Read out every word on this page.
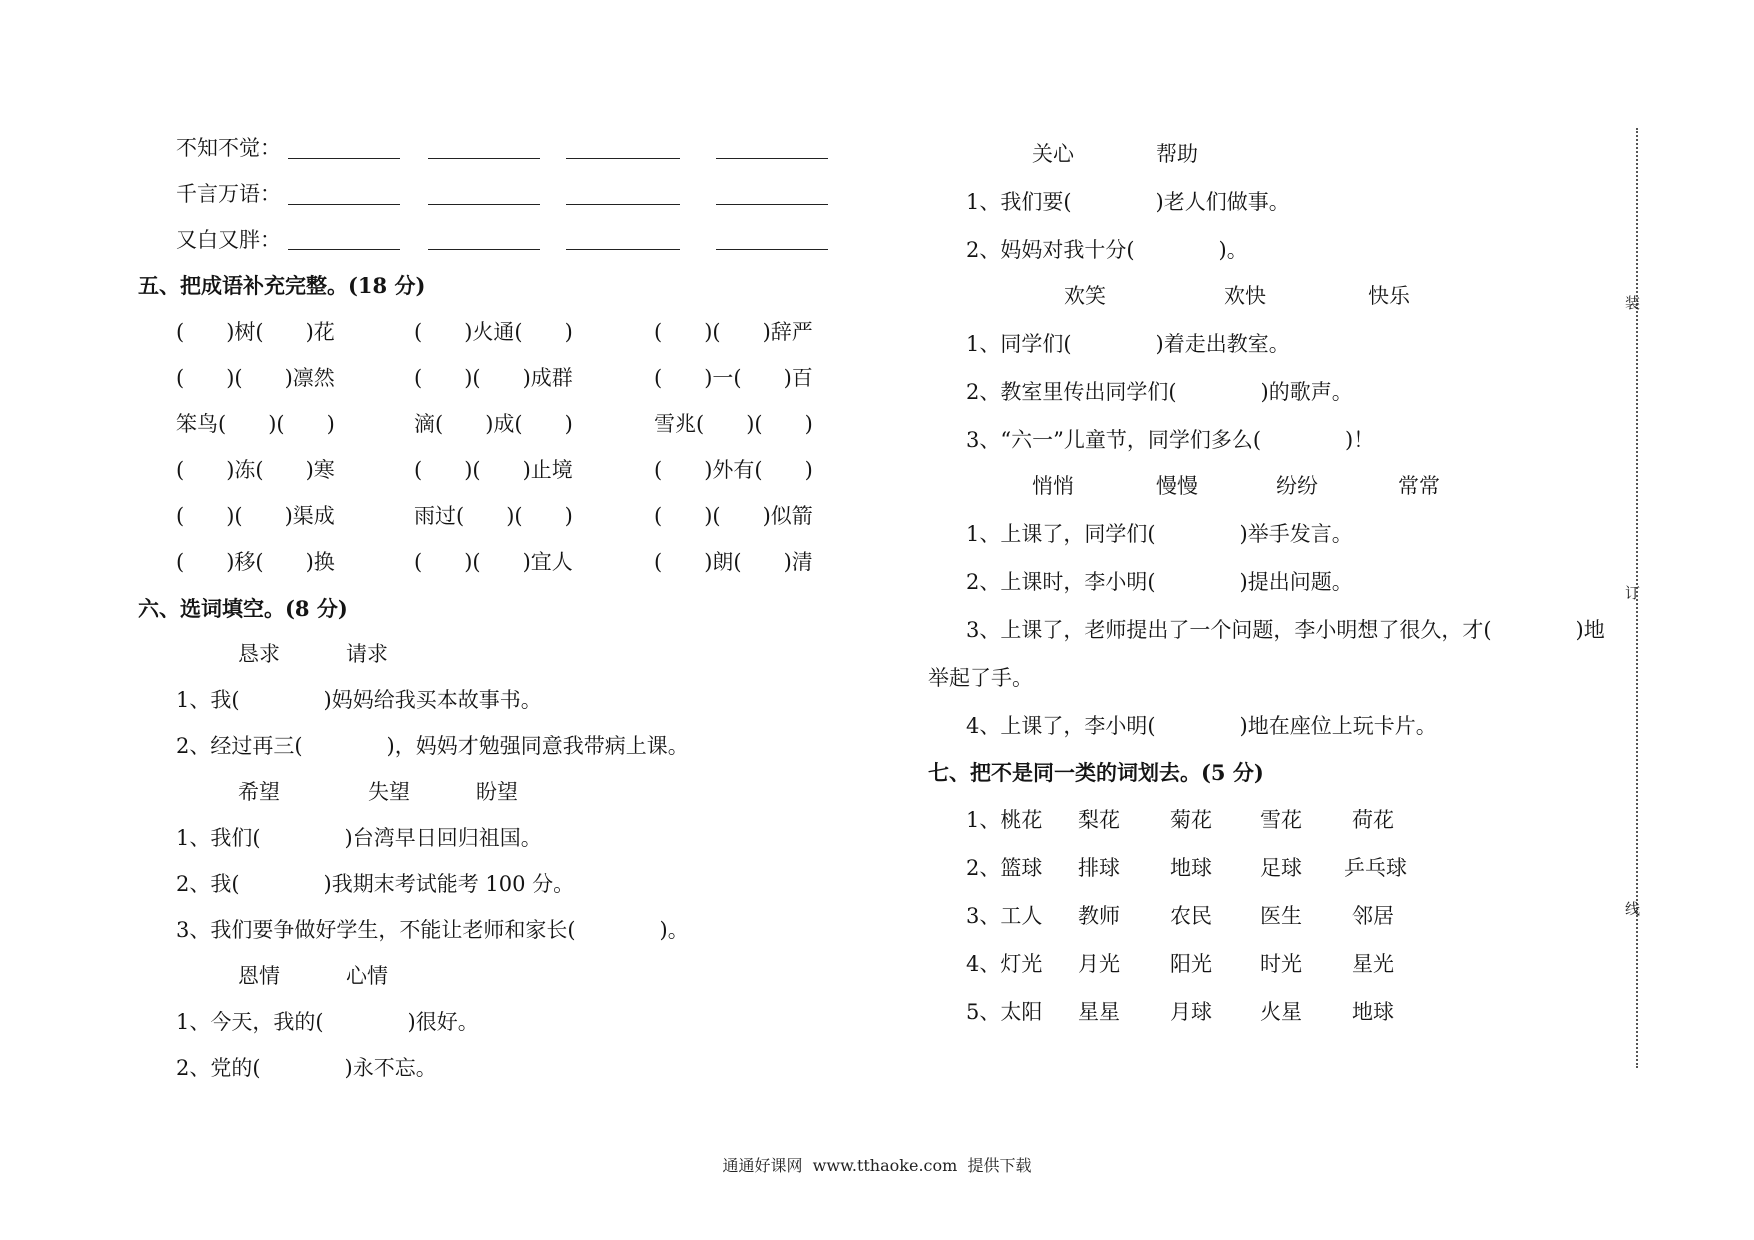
不知不觉：
千言万语：
又白又胖：
五、把成语补充完整。(18 分)
(　　)树(　　)花	(　　)火通(　　)	(　　)(　　)辞严
(　　)(　　)凛然	(　　)(　　)成群	(　　)一(　　)百
笨鸟(　　)(　　)	滴(　　)成(　　)	雪兆(　　)(　　)
(　　)冻(　　)寒	(　　)(　　)止境	(　　)外有(　　)
(　　)(　　)渠成	雨过(　　)(　　)	(　　)(　　)似箭
(　　)移(　　)换	(　　)(　　)宜人	(　　)朗(　　)清
六、选词填空。(8 分)
恳求	请求
1、我(　　　　)妈妈给我买本故事书。
2、经过再三(　　　　)，妈妈才勉强同意我带病上课。
希望	失望	盼望
1、我们(　　　　)台湾早日回归祖国。
2、我(　　　　)我期末考试能考 100 分。
3、我们要争做好学生，不能让老师和家长(　　　　)。
恩情	心情
1、今天，我的(　　　　)很好。
2、党的(　　　　)永不忘。
关心	帮助
1、我们要(　　　　)老人们做事。
2、妈妈对我十分(　　　　)。
欢笑	欢快	快乐
1、同学们(　　　　)着走出教室。
2、教室里传出同学们(　　　　)的歌声。
3、“六一”儿童节，同学们多么(　　　　)！
悄悄	慢慢	纷纷	常常
1、上课了，同学们(　　　　)举手发言。
2、上课时，李小明(　　　　)提出问题。
3、上课了，老师提出了一个问题，李小明想了很久，才(　　　　)地
举起了手。
4、上课了，李小明(　　　　)地在座位上玩卡片。
七、把不是同一类的词划去。(5 分)
1、桃花 梨花 菊花 雪花 荷花
2、篮球 排球 地球 足球 乒乓球
3、工人 教师 农民 医生 邻居
4、灯光 月光 阳光 时光 星光
5、太阳 星星 月球 火星 地球
装
订
线
通通好课网  www.tthaoke.com  提供下载
